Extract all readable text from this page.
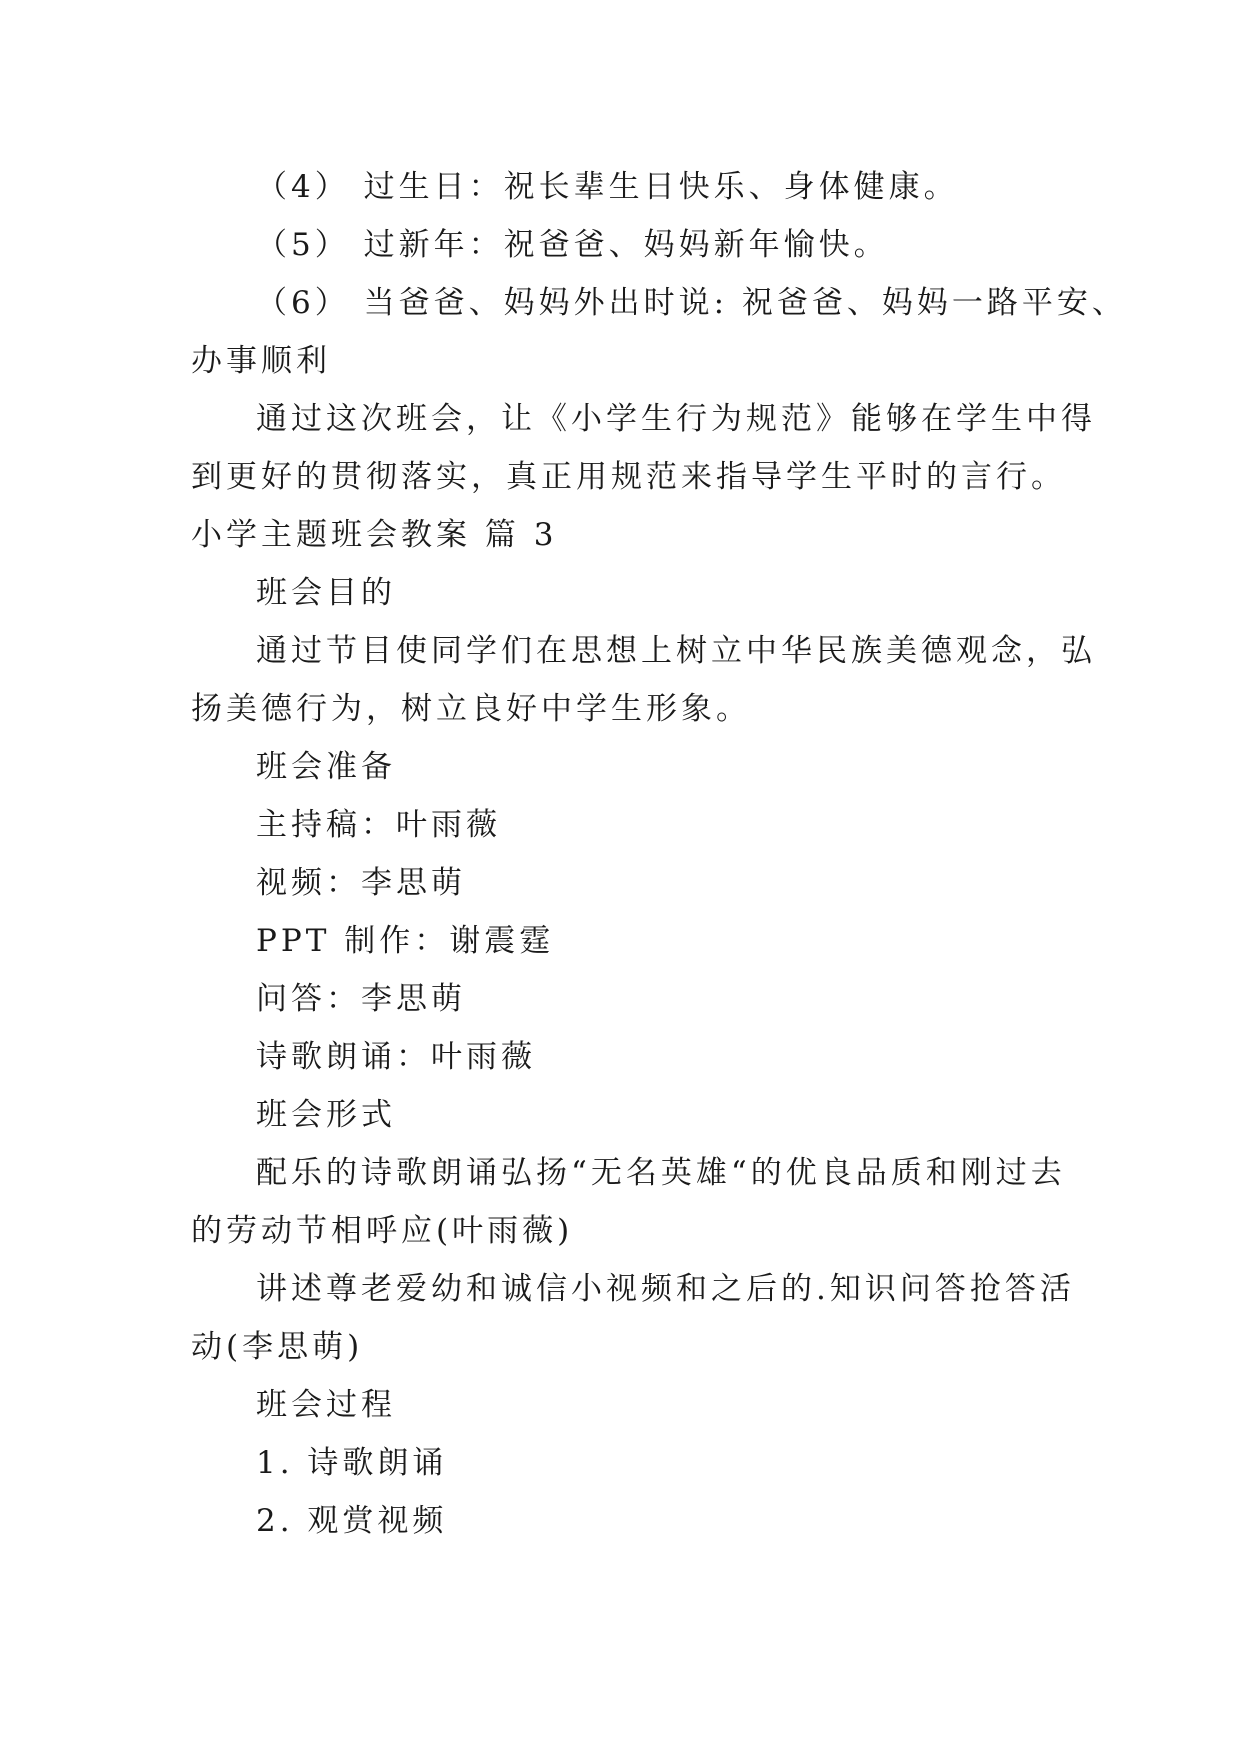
（4） 过生日：祝长辈生日快乐、身体健康。
（5） 过新年：祝爸爸、妈妈新年愉快。
（6） 当爸爸、妈妈外出时说: 祝爸爸、妈妈一路平安、
办事顺利
通过这次班会，让《小学生行为规范》能够在学生中得
到更好的贯彻落实，真正用规范来指导学生平时的言行。
小学主题班会教案 篇 3
班会目的
通过节目使同学们在思想上树立中华民族美德观念，弘
扬美德行为，树立良好中学生形象。
班会准备
主持稿：叶雨薇
视频：李思萌
PPT 制作：谢震霆
问答：李思萌
诗歌朗诵：叶雨薇
班会形式
配乐的诗歌朗诵弘扬“无名英雄“的优良品质和刚过去
的劳动节相呼应(叶雨薇)
讲述尊老爱幼和诚信小视频和之后的.知识问答抢答活
动(李思萌)
班会过程
1. 诗歌朗诵
2. 观赏视频
